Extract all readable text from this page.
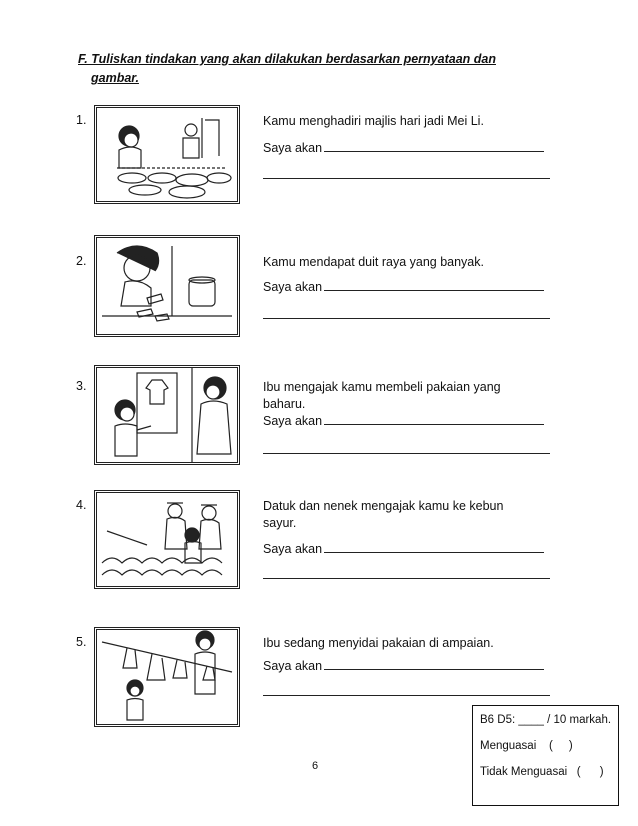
F. Tuliskan tindakan yang akan dilakukan berdasarkan pernyataan dan
gambar.
1.	Kamu menghadiri majlis hari jadi Mei Li.
Saya akan
2.	Kamu mendapat duit raya yang banyak.
Saya akan
3.	Ibu mengajak kamu membeli pakaian yang
baharu.
Saya akan
4.	Datuk dan nenek mengajak kamu ke kebun
sayur.
Saya akan
5.	Ibu sedang menyidai pakaian di ampaian.
Saya akan
6
B6 D5: ____ / 10 markah.
Menguasai    (     )
Tidak Menguasai   (      )
